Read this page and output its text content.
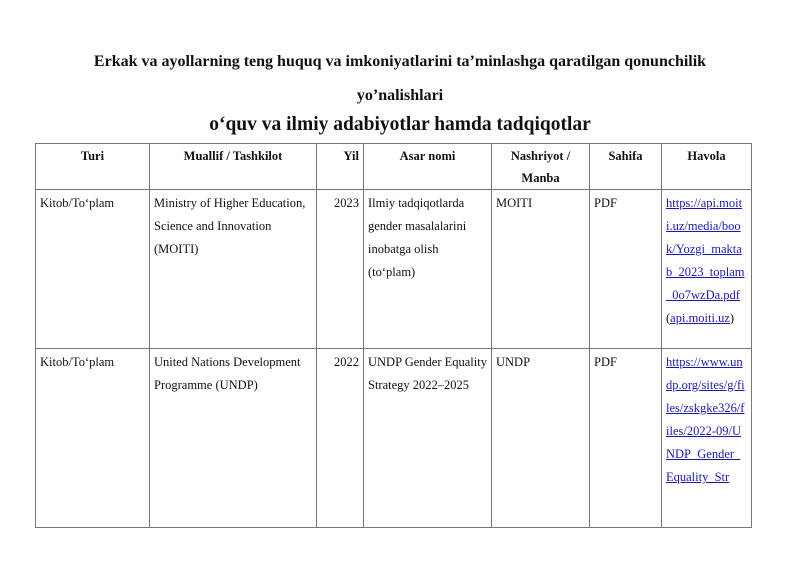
Erkak va ayollarning teng huquq va imkoniyatlarini ta’minlashga qaratilgan qonunchilik
yo’nalishlari
o‘quv va ilmiy adabiyotlar hamda tadqiqotlar
Turi	Muallif / Tashkilot	Yil	Asar nomi	Nashriyot / Manba	Sahifa	Havola
Kitob/To‘plam	Ministry of Higher Education, Science and Innovation (MOITI)	2023	Ilmiy tadqiqotlarda gender masalalarini inobatga olish (to‘plam)	MOITI	PDF	https://api.moiti.uz/media/book/Yozgi_maktab_2023_toplam_0o7wzDa.pdf(api.moiti.uz)
Kitob/To‘plam	United Nations Development Programme (UNDP)	2022	UNDP Gender Equality Strategy 2022–2025	UNDP	PDF	https://www.undp.org/sites/g/files/zskgke326/files/2022-09/UNDP_Gender_Equality_Str
